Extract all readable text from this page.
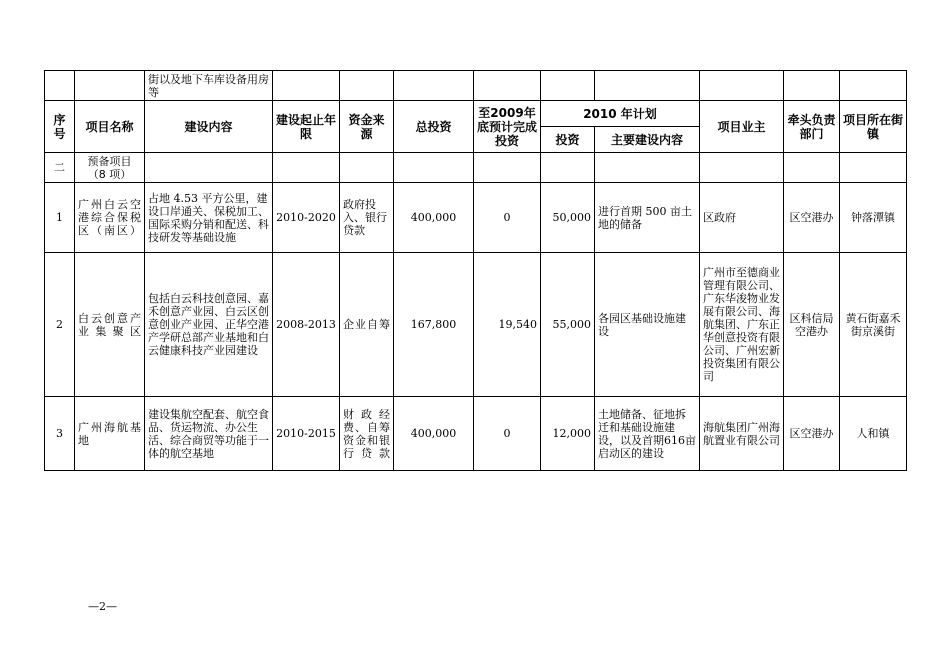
		街以及地下车库设备用房等									
序号	项目名称	建设内容	建设起止年限	资金来源	总投资	至2009年底预计完成投资	2010 年计划		项目业主	牵头负责部门	项目所在街镇
							投资	主要建设内容			
二	预备项目
（8 项）										
1	广州白云空港综合保税区（南区）	占地 4.53 平方公里，建设口岸通关、保税加工、国际采购分销和配送、科技研发等基础设施	2010-2020	政府投入、银行贷款	400,000	0	50,000	进行首期 500 亩土地的储备	区政府	区空港办	钟落潭镇
2	白云创意产业集聚区	包括白云科技创意园、嘉禾创意产业园、白云区创意创业产业园、正华空港产学研总部产业基地和白云健康科技产业园建设	2008-2013	企业自筹	167,800	19,540	55,000	各园区基础设施建设	广州市至德商业管理有限公司、广东华浚物业发展有限公司、海航集团、广东正华创意投资有限公司、广州宏新投资集团有限公司	区科信局空港办	黄石街嘉禾街京溪街
3	广州海航基地	建设集航空配套、航空食品、货运物流、办公生活、综合商贸等功能于一体的航空基地	2010-2015	财政经费、自筹资金和银行贷款	400,000	0	12,000	土地储备、征地拆迁和基础设施建设，以及首期616亩启动区的建设	海航集团广州海航置业有限公司	区空港办	人和镇
—2—
